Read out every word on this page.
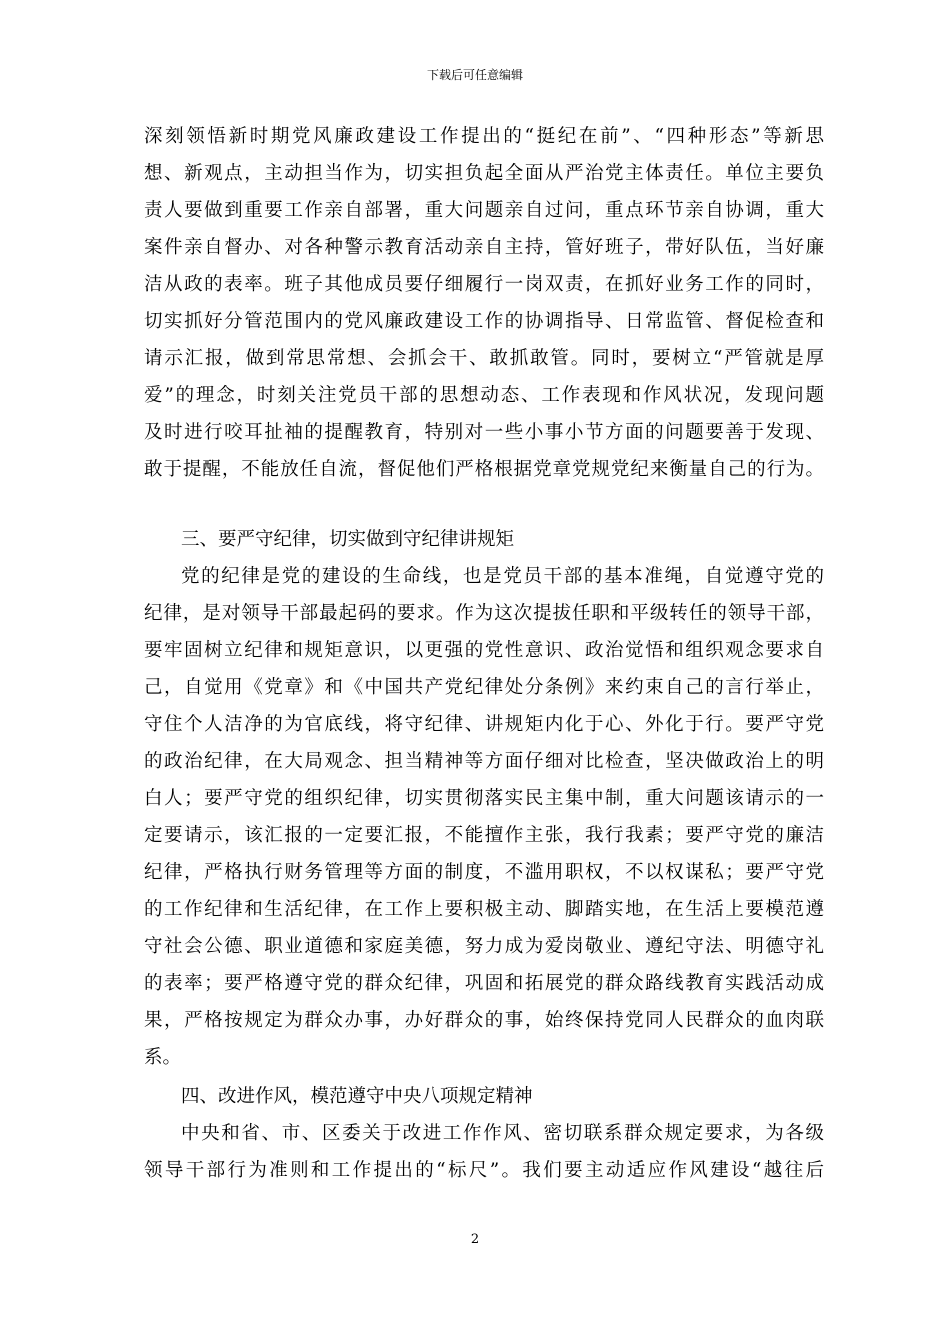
下载后可任意编辑
深刻领悟新时期党风廉政建设工作提出的“挺纪在前”、“四种形态”等新思
想、新观点，主动担当作为，切实担负起全面从严治党主体责任。单位主要负
责人要做到重要工作亲自部署，重大问题亲自过问，重点环节亲自协调，重大
案件亲自督办、对各种警示教育活动亲自主持，管好班子，带好队伍，当好廉
洁从政的表率。班子其他成员要仔细履行一岗双责，在抓好业务工作的同时，
切实抓好分管范围内的党风廉政建设工作的协调指导、日常监管、督促检查和
请示汇报，做到常思常想、会抓会干、敢抓敢管。同时，要树立“严管就是厚
爱”的理念，时刻关注党员干部的思想动态、工作表现和作风状况，发现问题
及时进行咬耳扯袖的提醒教育，特别对一些小事小节方面的问题要善于发现、
敢于提醒，不能放任自流，督促他们严格根据党章党规党纪来衡量自己的行为。
三、要严守纪律，切实做到守纪律讲规矩
党的纪律是党的建设的生命线，也是党员干部的基本准绳，自觉遵守党的
纪律，是对领导干部最起码的要求。作为这次提拔任职和平级转任的领导干部，
要牢固树立纪律和规矩意识，以更强的党性意识、政治觉悟和组织观念要求自
己，自觉用《党章》和《中国共产党纪律处分条例》来约束自己的言行举止，
守住个人洁净的为官底线，将守纪律、讲规矩内化于心、外化于行。要严守党
的政治纪律，在大局观念、担当精神等方面仔细对比检查，坚决做政治上的明
白人；要严守党的组织纪律，切实贯彻落实民主集中制，重大问题该请示的一
定要请示，该汇报的一定要汇报，不能擅作主张，我行我素；要严守党的廉洁
纪律，严格执行财务管理等方面的制度，不滥用职权，不以权谋私；要严守党
的工作纪律和生活纪律，在工作上要积极主动、脚踏实地，在生活上要模范遵
守社会公德、职业道德和家庭美德，努力成为爱岗敬业、遵纪守法、明德守礼
的表率；要严格遵守党的群众纪律，巩固和拓展党的群众路线教育实践活动成
果，严格按规定为群众办事，办好群众的事，始终保持党同人民群众的血肉联
系。
四、改进作风，模范遵守中央八项规定精神
中央和省、市、区委关于改进工作作风、密切联系群众规定要求，为各级
领导干部行为准则和工作提出的“标尺”。我们要主动适应作风建设“越往后
2
